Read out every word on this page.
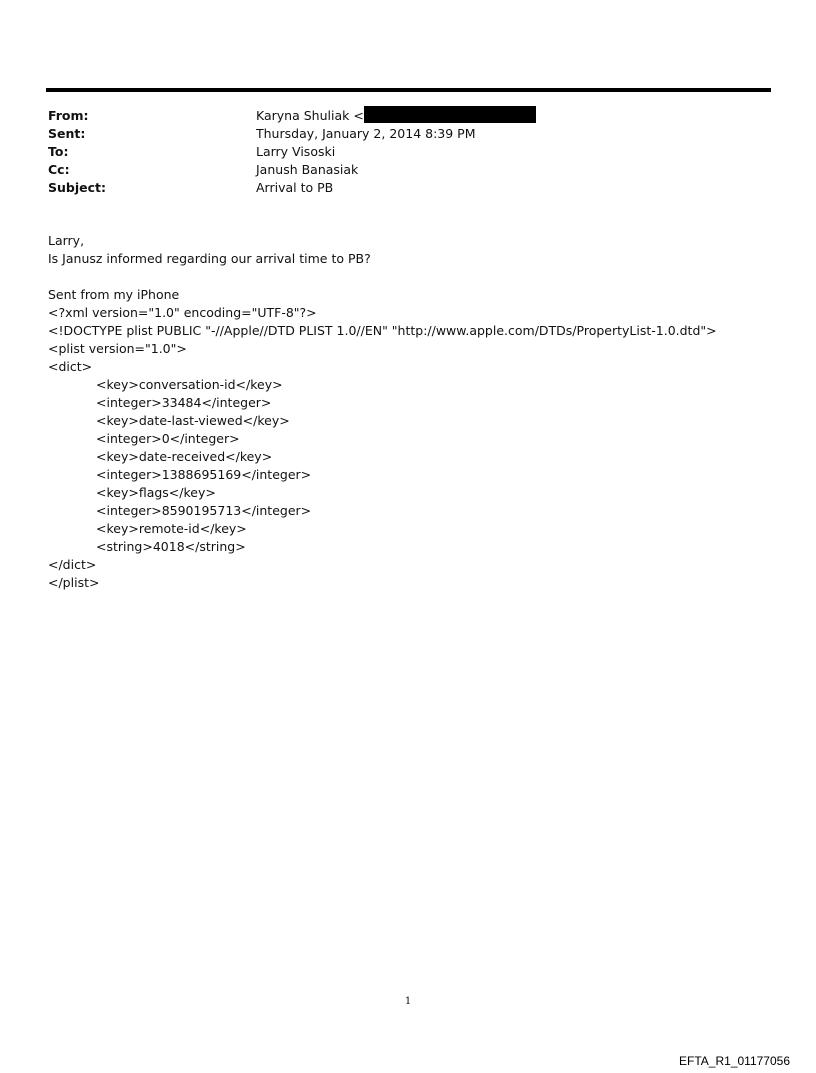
From:	Karyna Shuliak <
Sent:	Thursday, January 2, 2014 8:39 PM
To:	Larry Visoski
Cc:	Janush Banasiak
Subject:	Arrival to PB
Larry,
Is Janusz informed regarding our arrival time to PB?
Sent from my iPhone
<?xml version="1.0" encoding="UTF-8"?>
<!DOCTYPE plist PUBLIC "-//Apple//DTD PLIST 1.0//EN" "http://www.apple.com/DTDs/PropertyList-1.0.dtd">
<plist version="1.0">
<dict>
<key>conversation-id</key>
<integer>33484</integer>
<key>date-last-viewed</key>
<integer>0</integer>
<key>date-received</key>
<integer>1388695169</integer>
<key>flags</key>
<integer>8590195713</integer>
<key>remote-id</key>
<string>4018</string>
</dict>
</plist>
1
EFTA_R1_01177056
